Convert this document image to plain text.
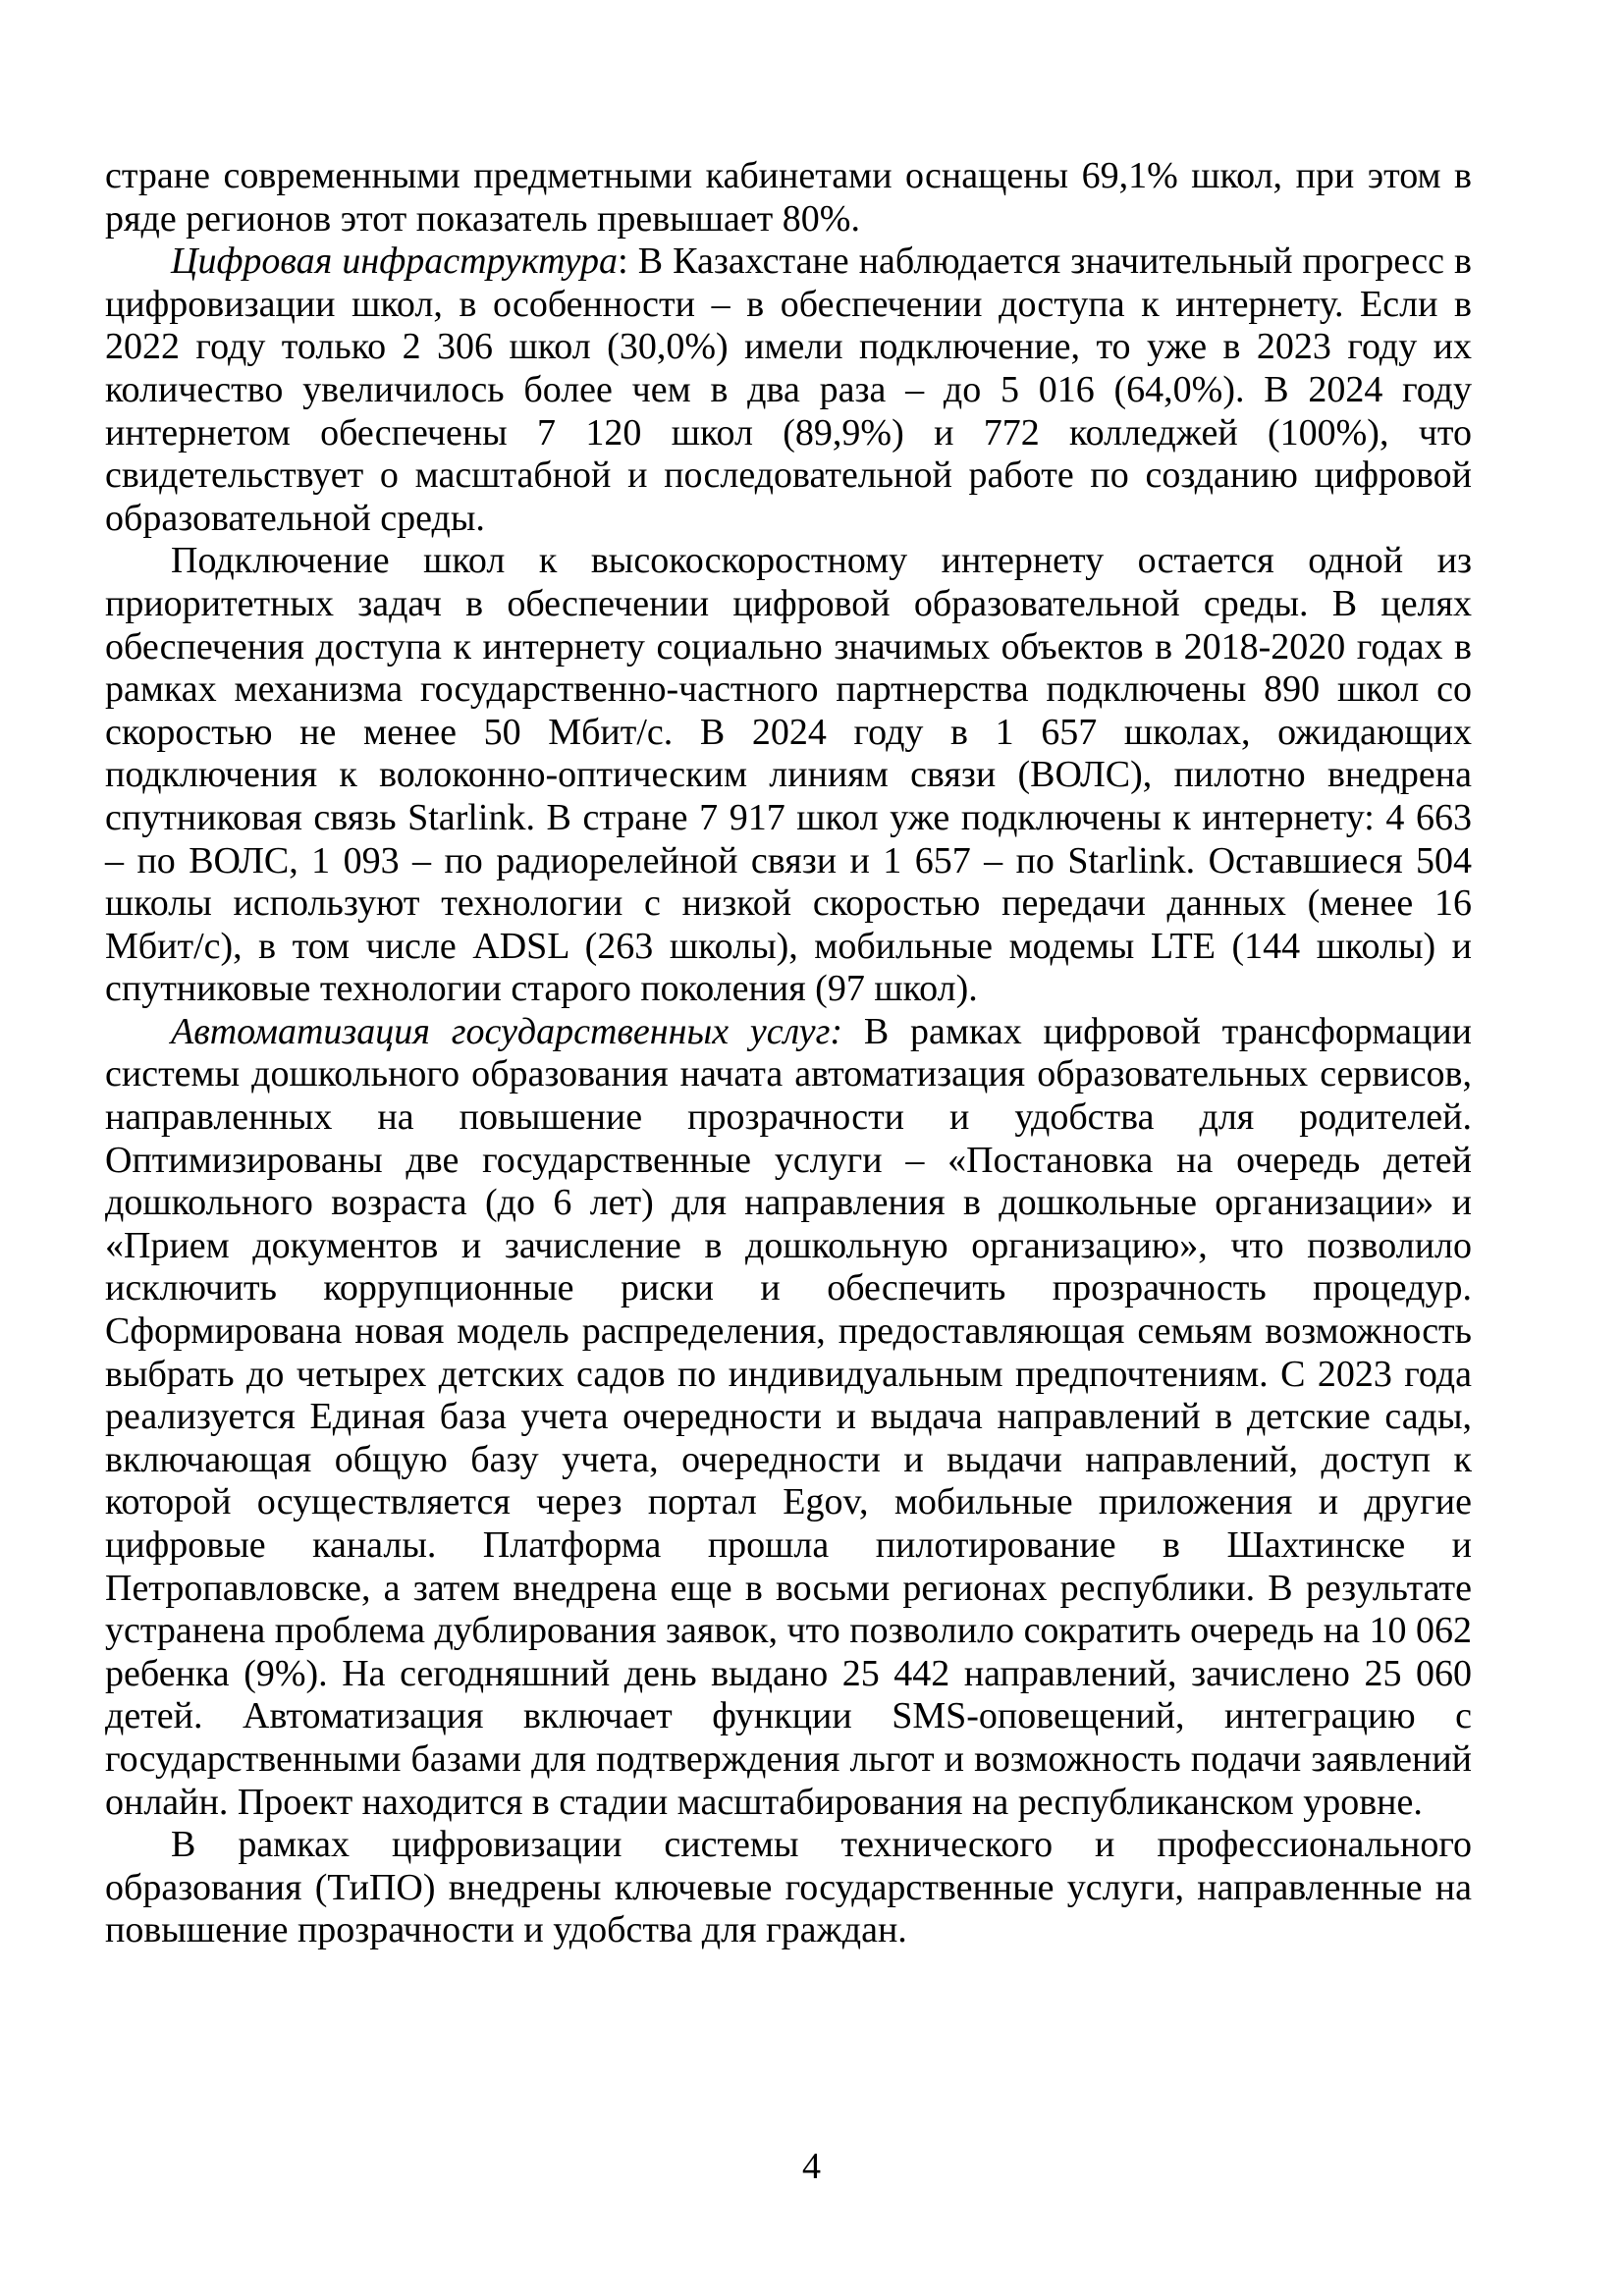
стране современными предметными кабинетами оснащены 69,1% школ, при этом в ряде регионов этот показатель превышает 80%.

Цифровая инфраструктура: В Казахстане наблюдается значительный прогресс в цифровизации школ, в особенности – в обеспечении доступа к интернету. Если в 2022 году только 2 306 школ (30,0%) имели подключение, то уже в 2023 году их количество увеличилось более чем в два раза – до 5 016 (64,0%). В 2024 году интернетом обеспечены 7 120 школ (89,9%) и 772 колледжей (100%), что свидетельствует о масштабной и последовательной работе по созданию цифровой образовательной среды.

Подключение школ к высокоскоростному интернету остается одной из приоритетных задач в обеспечении цифровой образовательной среды. В целях обеспечения доступа к интернету социально значимых объектов в 2018-2020 годах в рамках механизма государственно-частного партнерства подключены 890 школ со скоростью не менее 50 Мбит/с. В 2024 году в 1 657 школах, ожидающих подключения к волоконно-оптическим линиям связи (ВОЛС), пилотно внедрена спутниковая связь Starlink. В стране 7 917 школ уже подключены к интернету: 4 663 – по ВОЛС, 1 093 – по радиорелейной связи и 1 657 – по Starlink. Оставшиеся 504 школы используют технологии с низкой скоростью передачи данных (менее 16 Мбит/с), в том числе ADSL (263 школы), мобильные модемы LTE (144 школы) и спутниковые технологии старого поколения (97 школ).

Автоматизация государственных услуг: В рамках цифровой трансформации системы дошкольного образования начата автоматизация образовательных сервисов, направленных на повышение прозрачности и удобства для родителей. Оптимизированы две государственные услуги – «Постановка на очередь детей дошкольного возраста (до 6 лет) для направления в дошкольные организации» и «Прием документов и зачисление в дошкольную организацию», что позволило исключить коррупционные риски и обеспечить прозрачность процедур. Сформирована новая модель распределения, предоставляющая семьям возможность выбрать до четырех детских садов по индивидуальным предпочтениям. С 2023 года реализуется Единая база учета очередности и выдача направлений в детские сады, включающая общую базу учета, очередности и выдачи направлений, доступ к которой осуществляется через портал Egov, мобильные приложения и другие цифровые каналы. Платформа прошла пилотирование в Шахтинске и Петропавловске, а затем внедрена еще в восьми регионах республики. В результате устранена проблема дублирования заявок, что позволило сократить очередь на 10 062 ребенка (9%). На сегодняшний день выдано 25 442 направлений, зачислено 25 060 детей. Автоматизация включает функции SMS-оповещений, интеграцию с государственными базами для подтверждения льгот и возможность подачи заявлений онлайн. Проект находится в стадии масштабирования на республиканском уровне.

В рамках цифровизации системы технического и профессионального образования (ТиПО) внедрены ключевые государственные услуги, направленные на повышение прозрачности и удобства для граждан.

4
